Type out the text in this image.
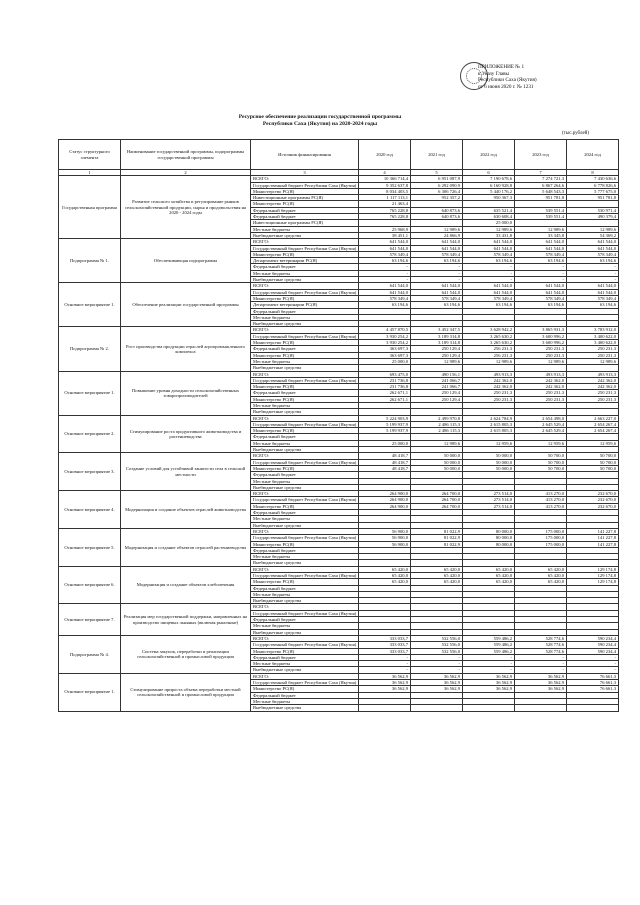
ПРИЛОЖЕНИЕ № 1
к Указу Главы
Республики Саха (Якутия)
от 6 июня 2020 г. № 1231
Ресурсное обеспечение реализации государственной программы
Республики Саха (Якутия) на 2020-2024 годы
(тыс.рублей)
Статус структурного элемента	Наименование государственной программы, подпрограммы государственной программы	Источник финансирования	2020 год	2021 год	2022 год	2023 год	2024 год
1	2	3	4	5	6	7	8
Государственная программа	Развитие сельского хозяйства и регулирование рынков сельскохозяйственной продукции, сырья и продовольствия на 2020 - 2024 годы	ВСЕГО:	10 366 714,4	6 951 087,9	7 190 678,6	7 274 721,3	7 430 636,6
		Государственный бюджет Республики Саха (Якутия)	9 352 637,8	6 292 090,9	6 160 928,8	6 867 264,6	6 778 826,6
		Министерство РС(Я)	8 034 403,5	6 306 726,4	5 440 176,2	5 648 543,3	5 777 675,0
		Инвестиционные программы РС(Я)	1 117 113,1	952 357,2	950 367,3	951 781,8	951 781,8
		Министерство РС(Я)	21 463,4				
		Федеральный бюджет	765 228,8	640 873,6	635 521,4	539 551,4	530 971,4
		Федеральный бюджет	765 228,8	640 873,6	630 608,4	539 551,4	490 379,4
		Инвестиционные программы РС(Я)			25 000,0		
		Местные бюджеты	25 968,9	12 989,6	12 989,6	12 989,6	12 989,6
		Внебюджетные средства	38 451,1	24 866,9	33 431,8	33 345,8	54 369,2
Подпрограмма № 1.	Обеспечивающая подпрограмма	ВСЕГО:	641 544,0	641 544,0	641 544,0	641 544,0	641 544,0
		Государственный бюджет Республики Саха (Якутия)	641 544,0	641 544,0	641 544,0	641 544,0	641 544,0
		Министерство РС(Я)	578 349,4	578 349,4	578 349,4	578 349,4	578 349,4
		Департамент ветеринарии РС(Я)	63 194,6	63 194,6	63 194,6	63 194,6	63 194,6
		Федеральный бюджет	-	-	-	-	-
		Местные бюджеты	-	-	-	-	-
		Внебюджетные средства	-	-	-	-	-
Основное мероприятие 1.	Обеспечение реализации государственной программы	ВСЕГО:	641 544,0	641 544,0	641 544,0	641 544,0	641 544,0
		Государственный бюджет Республики Саха (Якутия)	641 544,0	641 544,0	641 544,0	641 544,0	641 544,0
		Министерство РС(Я)	578 349,4	578 349,4	578 349,4	578 349,4	578 349,4
		Департамент ветеринарии РС(Я)	63 194,6	63 194,6	63 194,6	63 194,6	63 194,6
		Федеральный бюджет					
		Местные бюджеты					
		Внебюджетные средства					
Подпрограмма № 2.	Рост производства продукции отраслей агропромышленного комплекса	ВСЕГО:	4 457 870,5	3 452 347,5	3 628 942,2	3 865 931,3	3 783 912,0
		Государственный бюджет Республики Саха (Якутия)	3 930 254,2	3 189 314,8	3 265 630,2	3 600 996,2	3 400 622,0
		Министерство РС(Я)	3 930 254,2	3 189 314,8	3 265 630,2	3 600 996,2	3 400 622,0
		Федеральный бюджет	363 697,3	250 129,4	256 231,3	250 231,3	250 231,3
		Министерство РС(Я)	363 697,3	250 129,4	256 231,3	250 231,3	250 231,3
		Местные бюджеты	25 000,0	12 989,6	12 989,6	12 989,6	12 989,6
		Внебюджетные средства					
Основное мероприятие 1.	Повышение уровня доходности сельскохозяйственных товаропроизводителей	ВСЕГО:	693 475,0	490 156,1	493 913,3	493 913,3	493 913,3
		Государственный бюджет Республики Саха (Якутия)	231 736,8	241 066,7	242 362,0	242 362,0	242 362,0
		Министерство РС(Я)	231 736,8	241 066,7	242 362,0	242 362,0	242 362,0
		Федеральный бюджет	262 671,1	250 129,4	250 231,3	250 231,3	250 231,3
		Министерство РС(Я)	262 671,1	250 129,4	250 231,3	250 231,3	250 231,3
		Местные бюджеты					
		Внебюджетные средства					
Основное мероприятие 2.	Стимулирование роста продуктивного животноводства и растениеводства	ВСЕГО:	5 224 903,9	2 499 970,8	2 624 784,9	2 654 498,0	2 663 227,0
		Государственный бюджет Республики Саха (Якутия)	5 199 937,9	2 486 115,3	2 615 805,3	2 645 529,4	2 654 267,4
		Министерство РС(Я)	5 199 937,9	2 486 115,3	2 615 805,3	2 645 529,4	2 654 267,4
		Федеральный бюджет					
		Местные бюджеты	25 000,0	12 989,6	12 959,6	12 959,6	12 959,6
		Внебюджетные средства					
Основное мероприятие 3.	Создание условий для устойчивой занятости села в сельской местности	ВСЕГО:	48 418,7	50 000,0	50 000,0	50 700,0	50 700,0
		Государственный бюджет Республики Саха (Якутия)	48 418,7	50 000,0	50 000,0	50 700,0	50 700,0
		Министерство РС(Я)	48 418,7	50 000,0	50 000,0	50 700,0	50 700,0
		Федеральный бюджет					
		Местные бюджеты					
		Внебюджетные средства					
Основное мероприятие 4.	Модернизация и создание объектов отраслей животноводства	ВСЕГО:	264 900,0	264 700,0	273 514,0	413 270,0	232 670,0
		Государственный бюджет Республики Саха (Якутия)	264 900,0	264 700,0	273 514,0	413 270,0	232 670,0
		Министерство РС(Я)	264 900,0	264 700,0	273 514,0	413 270,0	232 670,0
		Федеральный бюджет					
		Местные бюджеты					
		Внебюджетные средства					
Основное мероприятие 5.	Модернизация и создание объектов отраслей растениеводства	ВСЕГО:	56 900,0	81 022,9	80 000,0	175 000,0	141 227,8
		Государственный бюджет Республики Саха (Якутия)	56 900,0	81 022,9	80 000,0	175 000,0	141 227,8
		Министерство РС(Я)	56 900,0	81 022,9	80 000,0	175 000,0	141 227,8
		Федеральный бюджет					
		Местные бюджеты					
		Внебюджетные средства					
Основное мероприятие 6.	Модернизация и создание объектов хлебопечения	ВСЕГО:	65 420,0	65 420,0	65 420,0	65 420,0	129 174,8
		Государственный бюджет Республики Саха (Якутия)	65 420,0	65 420,0	65 420,0	65 420,0	129 174,8
		Министерство РС(Я)	65 420,0	65 420,0	65 420,0	65 420,0	129 174,8
		Федеральный бюджет					
		Местные бюджеты					
		Внебюджетные средства					
Основное мероприятие 7.	Реализация мер государственной поддержки, направленных на производство пищевых льняных (включая рыночные)	ВСЕГО:					
		Государственный бюджет Республики Саха (Якутия)					
		Федеральный бюджет					
		Местные бюджеты					
		Внебюджетные средства					
Подпрограмма № 4.	Система закупок, переработки и реализации сельскохозяйственной и промысловой продукции	ВСЕГО:	333 033,7	532 556,0	559 486,2	528 774,6	590 234,4
		Государственный бюджет Республики Саха (Якутия)	333 033,7	532 556,0	559 486,2	528 774,6	590 234,4
		Министерство РС(Я)	333 033,7	532 556,0	559 486,2	528 774,6	590 234,4
		Федеральный бюджет	-	-	-	-	-
		Местные бюджеты	-	-	-	-	-
		Внебюджетные средства	-	-	-	-	-
Основное мероприятие 1.	Стимулирование прироста объема переработки местной сельскохозяйственной и промысловой продукции	ВСЕГО:	36 562,9	36 562,9	36 562,9	36 562,9	76 661,3
		Государственный бюджет Республики Саха (Якутия)	36 562,9	36 562,9	36 562,9	36 562,9	76 661,3
		Министерство РС(Я)	36 562,9	36 562,9	36 562,9	36 562,9	76 661,3
		Федеральный бюджет					
		Местные бюджеты					
		Внебюджетные средства					
